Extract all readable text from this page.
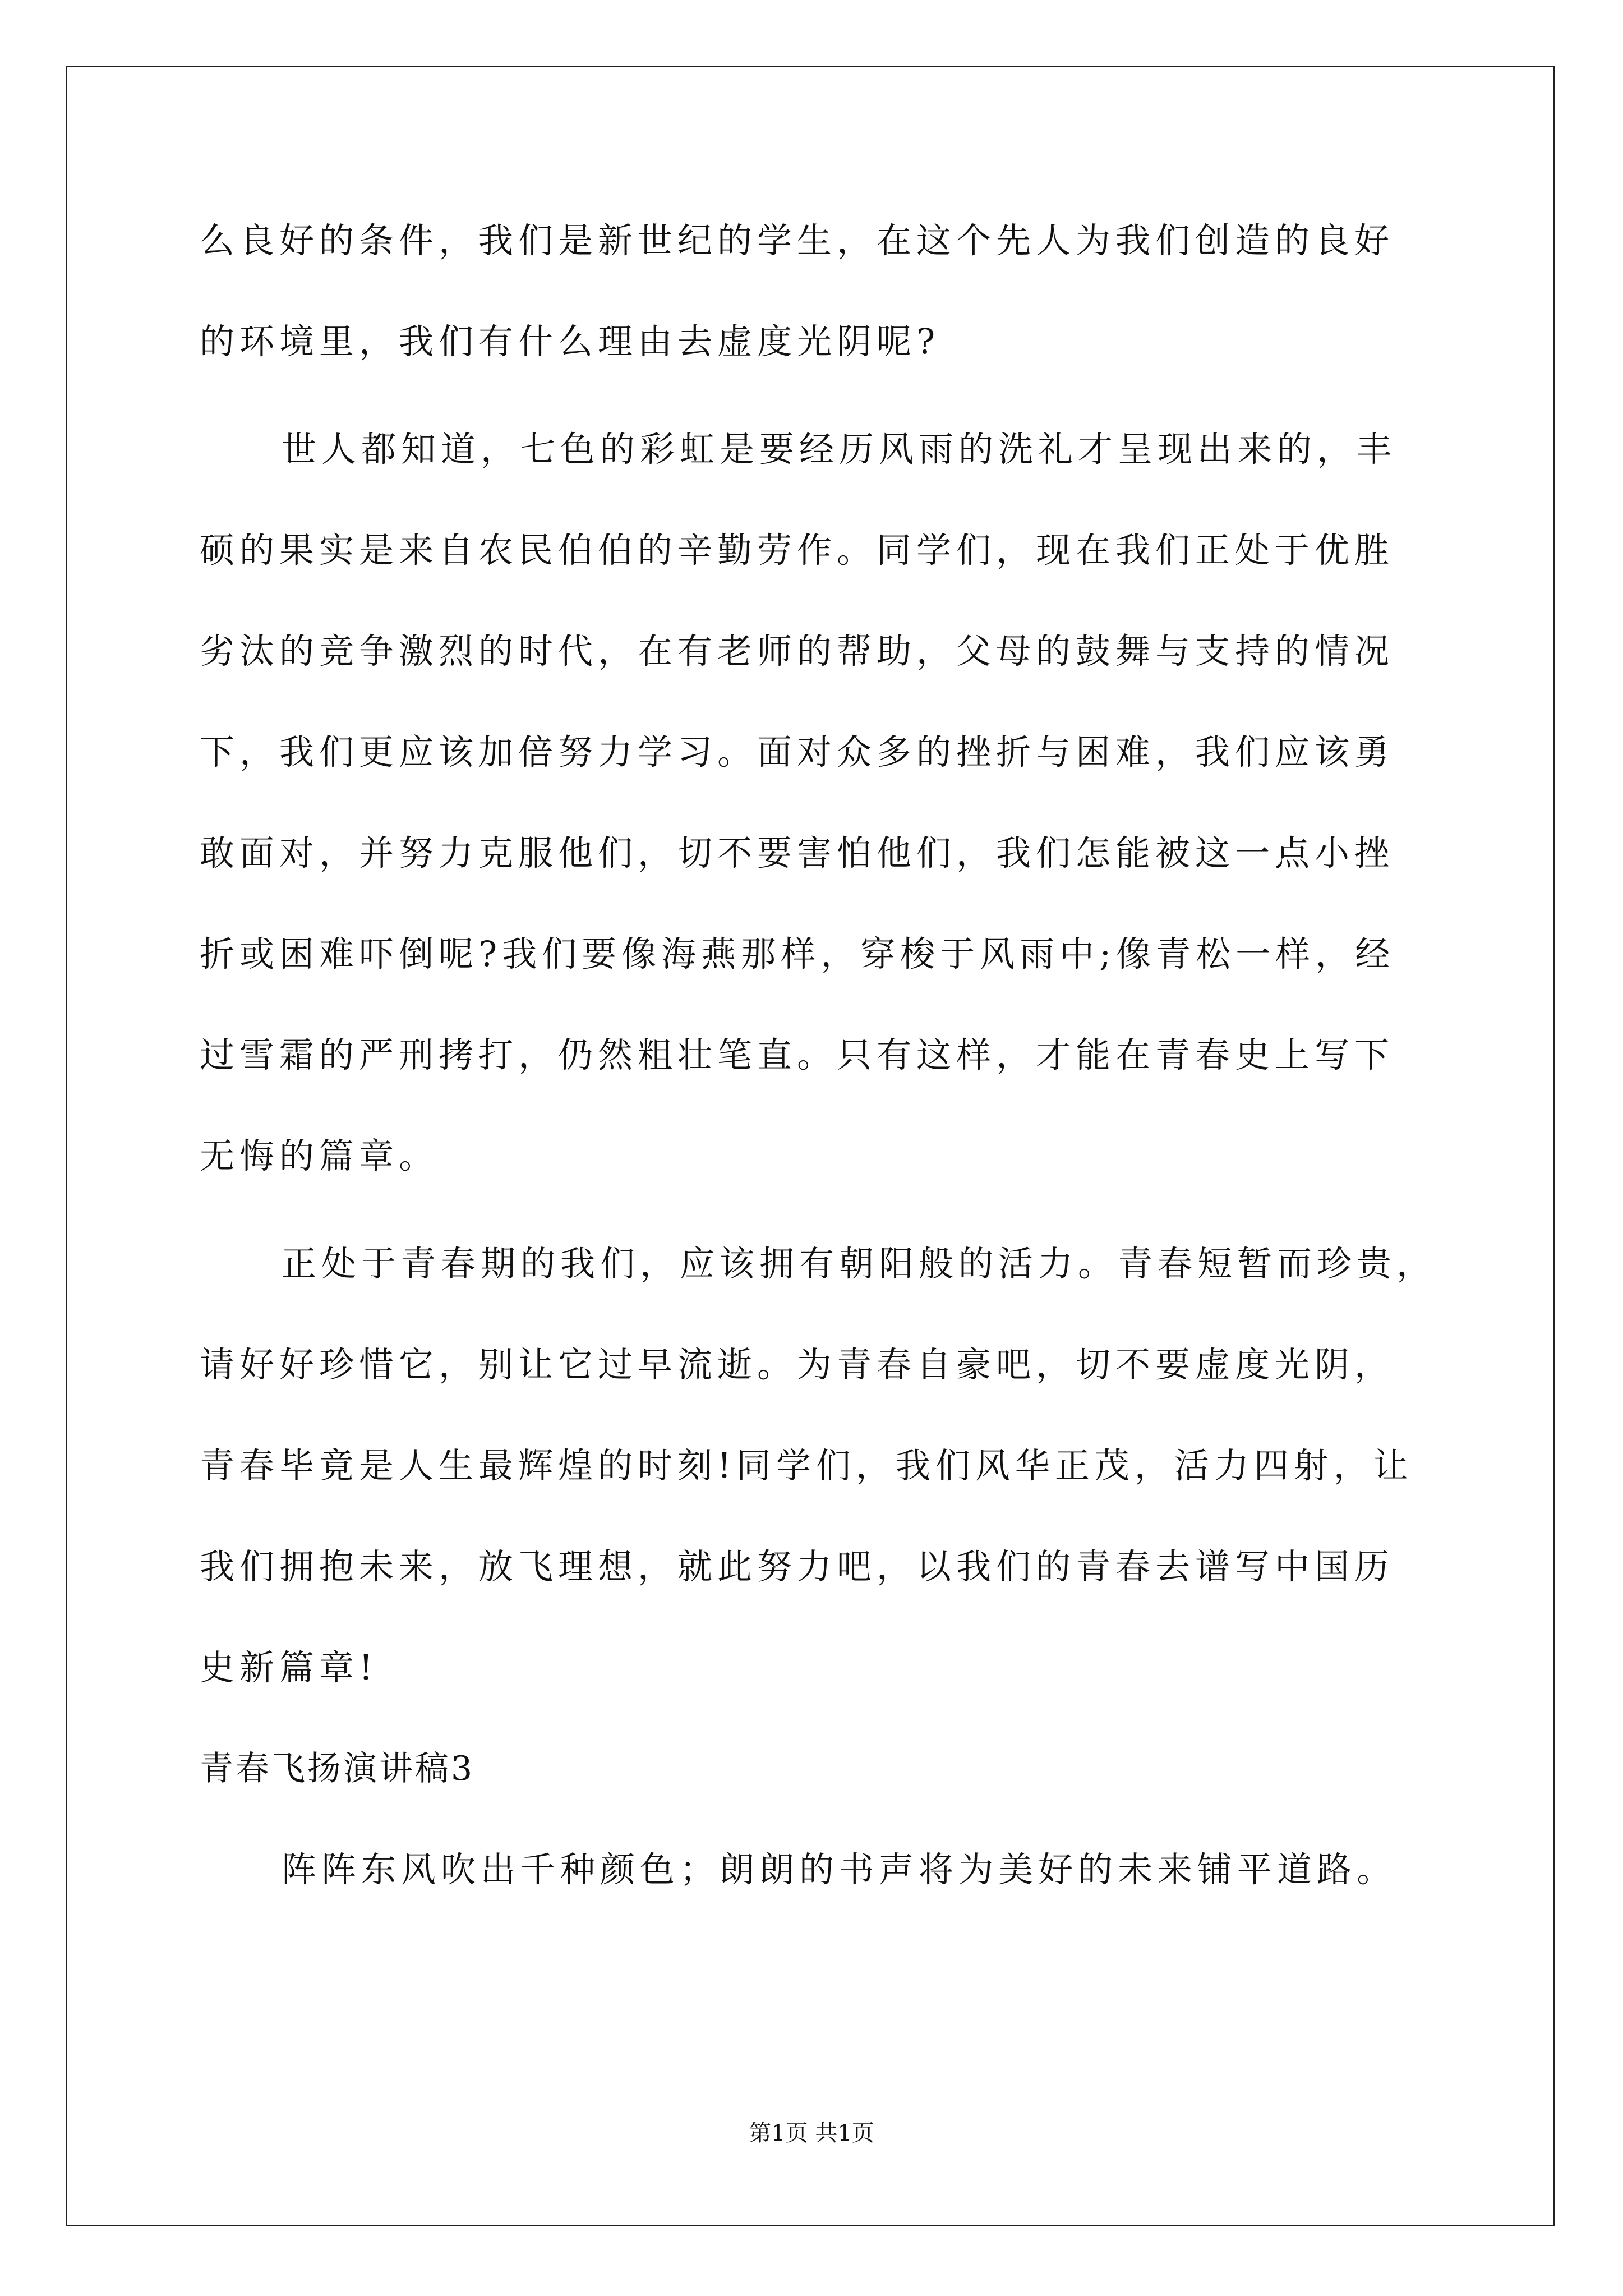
么良好的条件，我们是新世纪的学生，在这个先人为我们创造的良好
的环境里，我们有什么理由去虚度光阴呢?
世人都知道，七色的彩虹是要经历风雨的洗礼才呈现出来的，丰
硕的果实是来自农民伯伯的辛勤劳作。同学们，现在我们正处于优胜
劣汰的竞争激烈的时代，在有老师的帮助，父母的鼓舞与支持的情况
下，我们更应该加倍努力学习。面对众多的挫折与困难，我们应该勇
敢面对，并努力克服他们，切不要害怕他们，我们怎能被这一点小挫
折或困难吓倒呢?我们要像海燕那样，穿梭于风雨中;像青松一样，经
过雪霜的严刑拷打，仍然粗壮笔直。只有这样，才能在青春史上写下
无悔的篇章。
正处于青春期的我们，应该拥有朝阳般的活力。青春短暂而珍贵，
请好好珍惜它，别让它过早流逝。为青春自豪吧，切不要虚度光阴，
青春毕竟是人生最辉煌的时刻!同学们，我们风华正茂，活力四射，让
我们拥抱未来，放飞理想，就此努力吧，以我们的青春去谱写中国历
史新篇章!
青春飞扬演讲稿3
阵阵东风吹出千种颜色；朗朗的书声将为美好的未来铺平道路。
第1页 共1页
